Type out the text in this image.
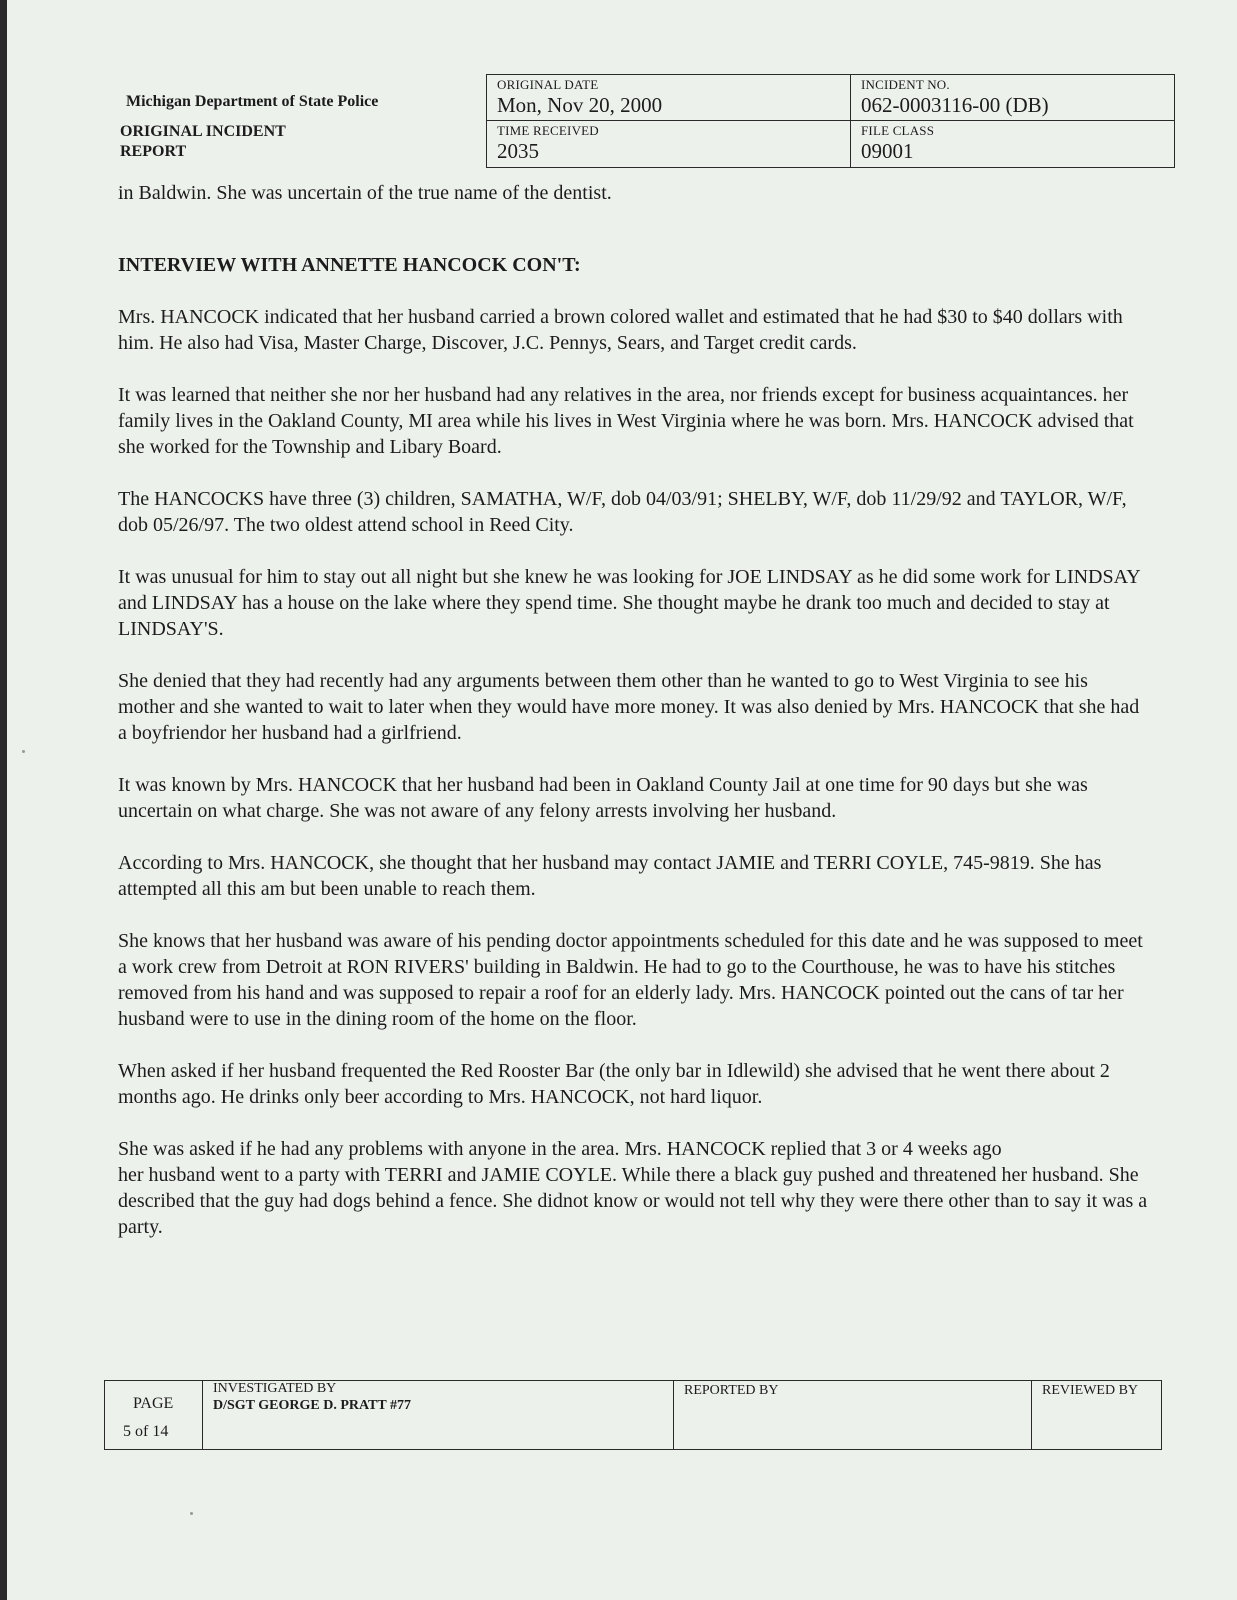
Michigan Department of State Police
ORIGINAL INCIDENT
REPORT
ORIGINAL DATE
Mon, Nov 20, 2000
INCIDENT NO.
062-0003116-00 (DB)
TIME RECEIVED
2035
FILE CLASS
09001

in Baldwin. She was uncertain of the true name of the dentist.

INTERVIEW WITH ANNETTE HANCOCK CON'T:

Mrs. HANCOCK indicated that her husband carried a brown colored wallet and estimated that he had $30 to $40 dollars with him. He also had Visa, Master Charge, Discover, J.C. Pennys, Sears, and Target credit cards.

It was learned that neither she nor her husband had any relatives in the area, nor friends except for business acquaintances. her family lives in the Oakland County, MI area while his lives in West Virginia where he was born. Mrs. HANCOCK advised that she worked for the Township and Libary Board.

The HANCOCKS have three (3) children, SAMATHA, W/F, dob 04/03/91; SHELBY, W/F, dob 11/29/92 and TAYLOR, W/F, dob 05/26/97. The two oldest attend school in Reed City.

It was unusual for him to stay out all night but she knew he was looking for JOE LINDSAY as he did some work for LINDSAY and LINDSAY has a house on the lake where they spend time. She thought maybe he drank too much and decided to stay at LINDSAY'S.

She denied that they had recently had any arguments between them other than he wanted to go to West Virginia to see his mother and she wanted to wait to later when they would have more money. It was also denied by Mrs. HANCOCK that she had a boyfriendor her husband had a girlfriend.

It was known by Mrs. HANCOCK that her husband had been in Oakland County Jail at one time for 90 days but she was uncertain on what charge. She was not aware of any felony arrests involving her husband.

According to Mrs. HANCOCK, she thought that her husband may contact JAMIE and TERRI COYLE, 745-9819. She has attempted all this am but been unable to reach them.

She knows that her husband was aware of his pending doctor appointments scheduled for this date and he was supposed to meet a work crew from Detroit at RON RIVERS' building in Baldwin. He had to go to the Courthouse, he was to have his stitches removed from his hand and was supposed to repair a roof for an elderly lady. Mrs. HANCOCK pointed out the cans of tar her husband were to use in the dining room of the home on the floor.

When asked if her husband frequented the Red Rooster Bar (the only bar in Idlewild) she advised that he went there about 2 months ago. He drinks only beer according to Mrs. HANCOCK, not hard liquor.

She was asked if he had any problems with anyone in the area. Mrs. HANCOCK replied that 3 or 4 weeks ago

her husband went to a party with TERRI and JAMIE COYLE. While there a black guy pushed and threatened her husband. She described that the guy had dogs behind a fence. She didnot know or would not tell why they were there other than to say it was a party.

PAGE
5 of 14
INVESTIGATED BY
D/SGT GEORGE D. PRATT #77
REPORTED BY	REVIEWED BY
